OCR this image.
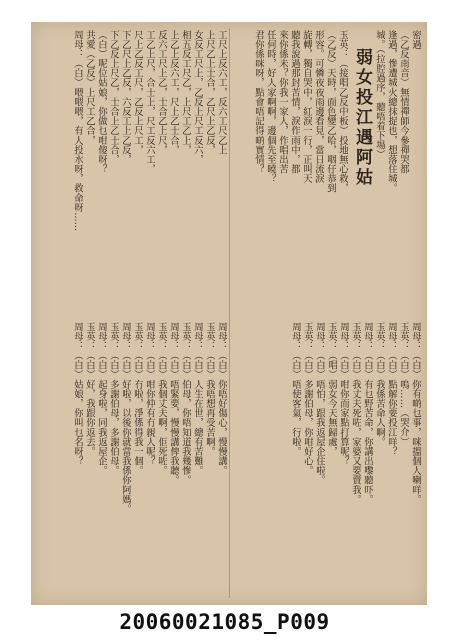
密過
（乙反南音）無情禪師今參禪哭都
逢過，慘遭城火總抹捉也，想落住城。
城。（拉腔過序，聽唔着下場）
弱女投江遇阿姑
玉英：（接唱乙反中板）投地無心救，
（乙反）天時，面色變乙哈，咽仔恭到
形容。可憐夜夜雨邊看見，當日流淚
旋轉，獨自哭中，紅淚一行，正叫天
聽我說過那封苦情，淚作雨中，都
來你係未？你我一家人，作唱出苦
任何時，好人家啊啊，邊個先至曉？
君你係咪呀，點會唔記得啲實情？
周母：（白）你有啲乜事，咪搵個人喇咩。
玉英：（白）嗚……（哭介）
周母：（白）點解你要投江咩？
玉英：（白）我係苦命人啊。
周母：（白）有乜野苦命，你講出嚟聽吓。
玉英：（白）我丈夫死咗，家婆又要賣我。
周母：（白）咁你而家點打算呢？
玉英：（唱）弱女今天無歸處，
周母：（白）唔怕，跟我返屋企住啦。
玉英：（白）多謝伯母，你咁好心。
周母：（白）唔使客氣，行啦。
工尺上反六工，反六工尺乙上
上尺乙上士合，乙尺上乙反，
女反工尺上，乙反上尺工反六，
相五反工尺乙，上尺工乙上，
上乙上反六工，尺上乙士合，
反六工尺上乙，士合乙上尺，
工乙上尺，合士上，尺工反六工，
尺上乙反工尺，乙反上尺工，
下乙尺上乙反，六反工上乙反，
下乙反上尺乙，士合上乙士合，
（白）呢位姑娘，你做乜咁傻呀？
共愛（乙反）上尺工乙合，
周母：（白）喂喂喂，有人投水呀，救命呀……
周母：（白）你唔好傷心，慢慢講。
玉英：（白）我唔想再受苦啊。
周母：（白）人生在世，總有苦難。
玉英：（白）伯母，你唔知道我幾慘。
周母：（白）唔緊要，慢慢講俾我聽。
玉英：（白）我個丈夫啊，佢死咗。
周母：（白）咁你仲有冇親人呢？
玉英：（白）冇啦，淨係得我一個。
周母：（白）好啦，以後你就當我係你阿媽。
玉英：（白）多謝伯母，多謝伯母。
周母：（白）起身啦，同我返屋企。
玉英：（白）好，我跟你返去。
周母：（白）姑娘，你叫乜名呀？
20060021085_P009
